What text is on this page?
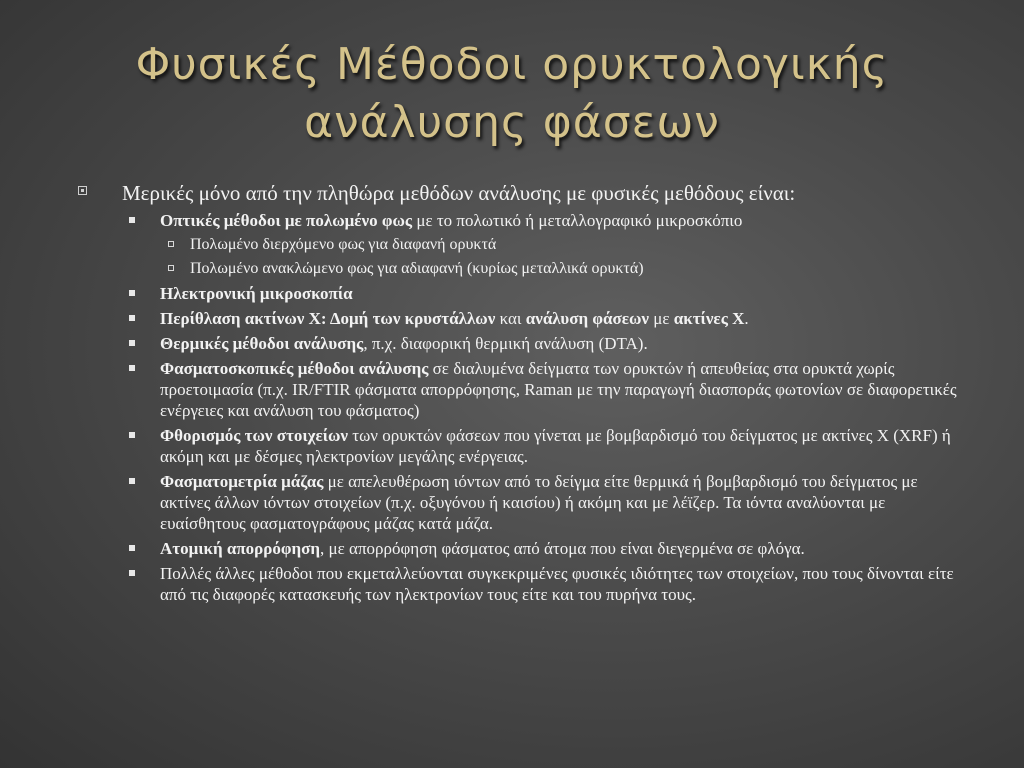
Φυσικές Μέθοδοι ορυκτολογικής
ανάλυσης φάσεων
Μερικές μόνο από την πληθώρα μεθόδων ανάλυσης με φυσικές μεθόδους είναι:
Οπτικές μέθοδοι με πολωμένο φως με το πολωτικό ή μεταλλογραφικό μικροσκόπιο
Πολωμένο διερχόμενο φως για διαφανή ορυκτά
Πολωμένο ανακλώμενο φως για αδιαφανή (κυρίως μεταλλικά ορυκτά)
Ηλεκτρονική μικροσκοπία
Περίθλαση ακτίνων Χ: Δομή των κρυστάλλων και ανάλυση φάσεων με ακτίνες Χ.
Θερμικές μέθοδοι ανάλυσης, π.χ. διαφορική θερμική ανάλυση (DTA).
Φασματοσκοπικές μέθοδοι ανάλυσης σε διαλυμένα δείγματα των ορυκτών ή απευθείας στα ορυκτά χωρίς προετοιμασία (π.χ. IR/FTIR φάσματα απορρόφησης, Raman με την παραγωγή διασποράς φωτονίων σε διαφορετικές ενέργειες και ανάλυση του φάσματος)
Φθορισμός των στοιχείων των ορυκτών φάσεων που γίνεται με βομβαρδισμό του δείγματος με ακτίνες Χ (XRF) ή ακόμη και με δέσμες ηλεκτρονίων μεγάλης ενέργειας.
Φασματομετρία μάζας με απελευθέρωση ιόντων από το δείγμα είτε θερμικά ή βομβαρδισμό του δείγματος με ακτίνες άλλων ιόντων στοιχείων (π.χ. οξυγόνου ή καισίου) ή ακόμη και με λέϊζερ. Τα ιόντα αναλύονται με ευαίσθητους φασματογράφους μάζας κατά μάζα.
Ατομική απορρόφηση, με απορρόφηση φάσματος από άτομα που είναι διεγερμένα σε φλόγα.
Πολλές άλλες μέθοδοι που εκμεταλλεύονται συγκεκριμένες φυσικές ιδιότητες των στοιχείων, που τους δίνονται είτε από τις διαφορές κατασκευής των ηλεκτρονίων τους είτε και του πυρήνα τους.
